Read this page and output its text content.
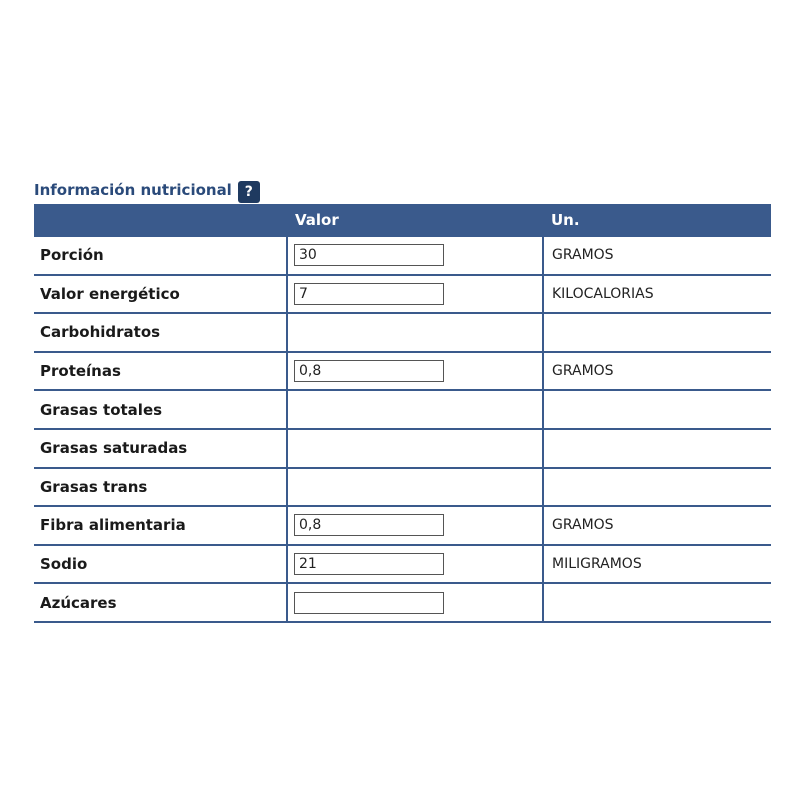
Información nutricional ?
	Valor	Un.
Porción	30	GRAMOS
Valor energético	7	KILOCALORIAS
Carbohidratos		
Proteínas	0,8	GRAMOS
Grasas totales		
Grasas saturadas		
Grasas trans		
Fibra alimentaria	0,8	GRAMOS
Sodio	21	MILIGRAMOS
Azúcares		
